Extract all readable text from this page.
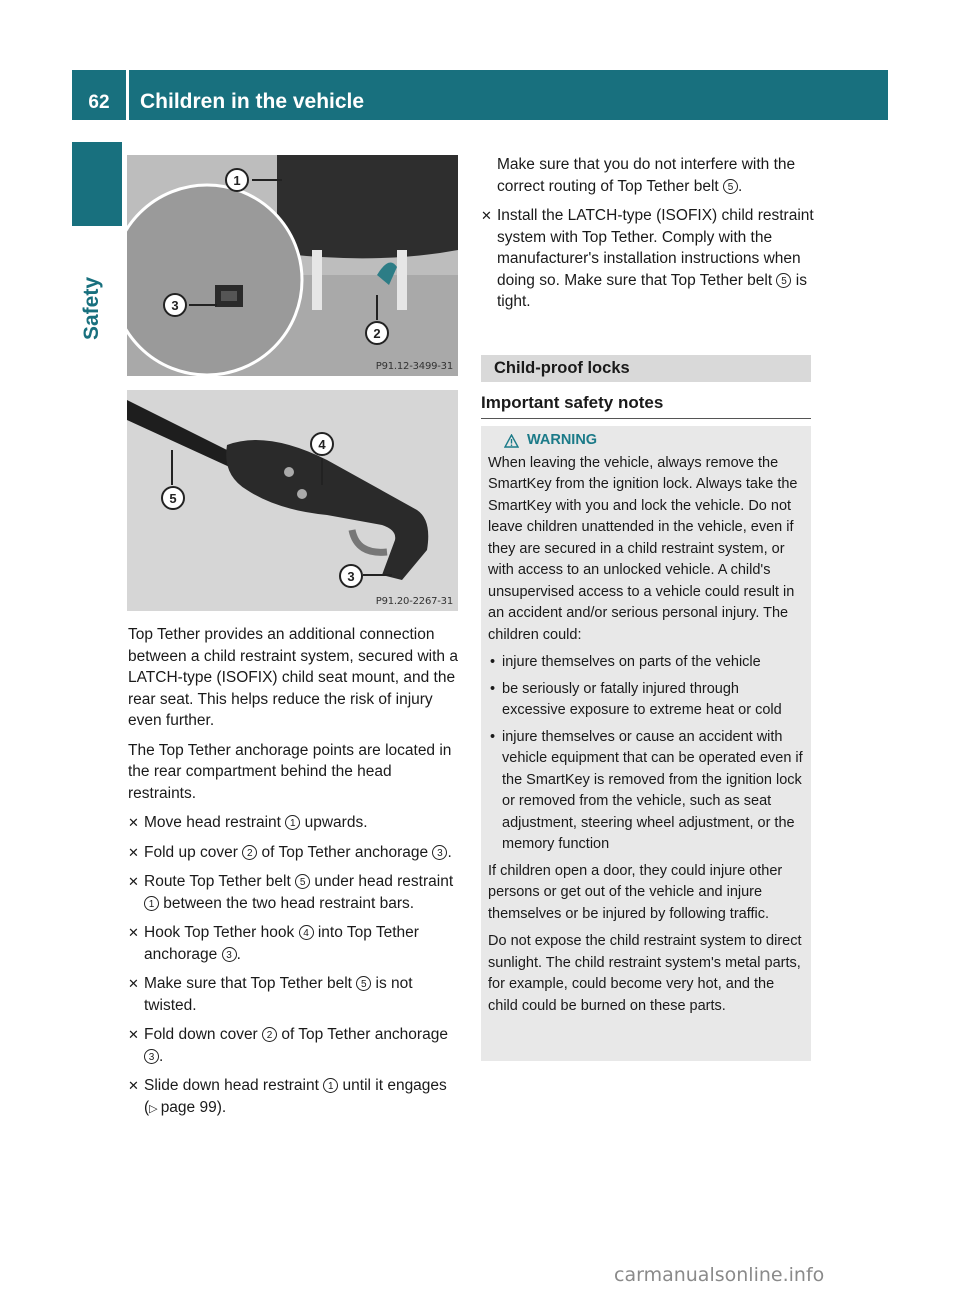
62	Children in the vehicle
Safety
1
2
3
P91.12-3499-31
4
5
3
P91.20-2267-31

Top Tether provides an additional connection between a child restraint system, secured with a LATCH-type (ISOFIX) child seat mount, and the rear seat. This helps reduce the risk of injury even further.

The Top Tether anchorage points are located in the rear compartment behind the head restraints.

✕ Move head restraint 1 upwards.
✕ Fold up cover 2 of Top Tether anchorage 3 .
✕ Route Top Tether belt 5 under head restraint 1 between the two head restraint bars.
✕ Hook Top Tether hook 4 into Top Tether anchorage 3 .
✕ Make sure that Top Tether belt 5 is not twisted.
✕ Fold down cover 2 of Top Tether anchorage 3 .
✕ Slide down head restraint 1 until it engages (▷ page 99).
Make sure that you do not interfere with the correct routing of Top Tether belt 5 .
✕ Install the LATCH-type (ISOFIX) child restraint system with Top Tether. Comply with the manufacturer's installation instructions when doing so. Make sure that Top Tether belt 5 is tight.
Child-proof locks
Important safety notes
WARNING

When leaving the vehicle, always remove the SmartKey from the ignition lock. Always take the SmartKey with you and lock the vehicle. Do not leave children unattended in the vehicle, even if they are secured in a child restraint system, or with access to an unlocked vehicle. A child's unsupervised access to a vehicle could result in an accident and/or serious personal injury. The children could:

• injure themselves on parts of the vehicle
• be seriously or fatally injured through excessive exposure to extreme heat or cold
• injure themselves or cause an accident with vehicle equipment that can be operated even if the SmartKey is removed from the ignition lock or removed from the vehicle, such as seat adjustment, steering wheel adjustment, or the memory function

If children open a door, they could injure other persons or get out of the vehicle and injure themselves or be injured by following traffic.

Do not expose the child restraint system to direct sunlight. The child restraint system's metal parts, for example, could become very hot, and the child could be burned on these parts.

carmanualsonline.info
